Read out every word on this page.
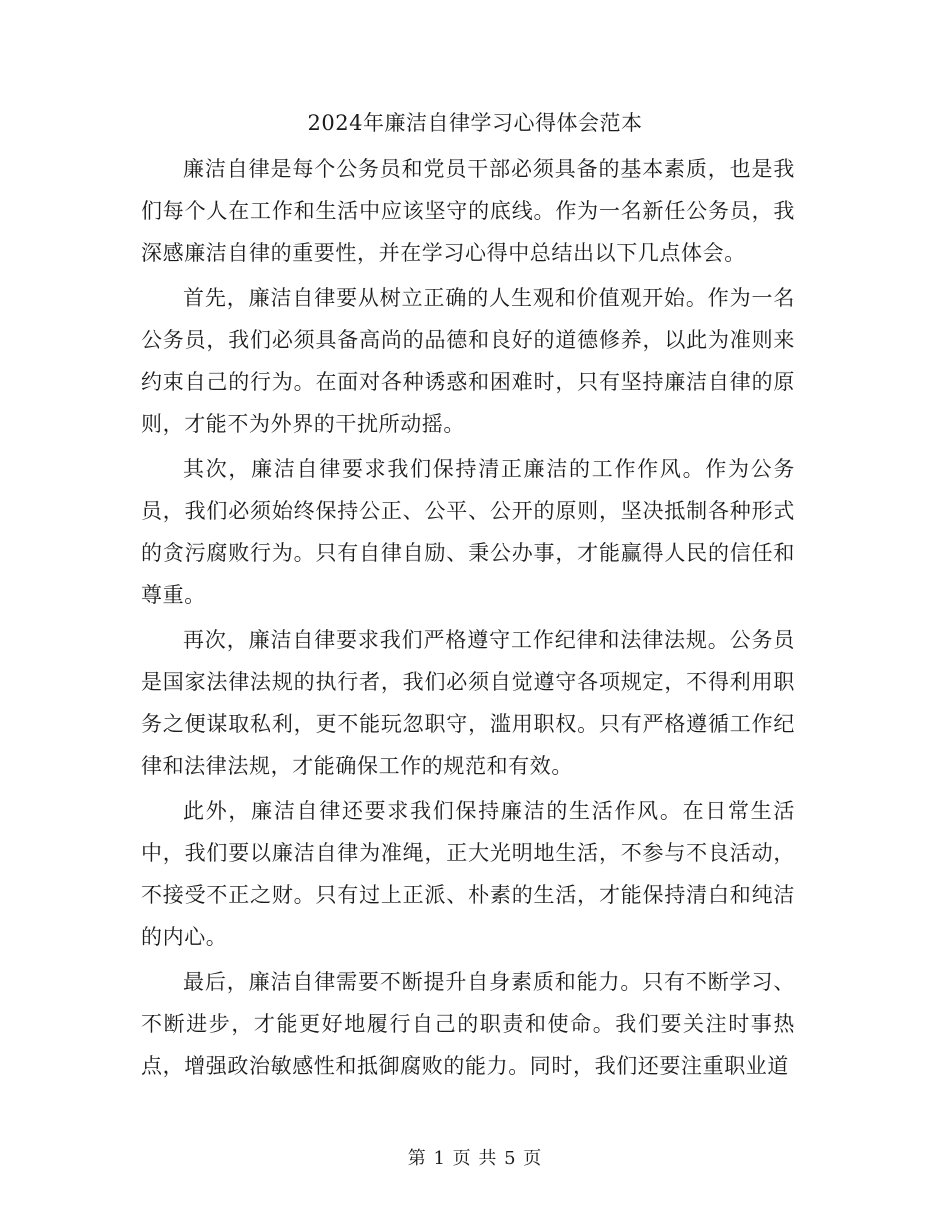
2024年廉洁自律学习心得体会范本

廉洁自律是每个公务员和党员干部必须具备的基本素质，也是我们每个人在工作和生活中应该坚守的底线。作为一名新任公务员，我深感廉洁自律的重要性，并在学习心得中总结出以下几点体会。

首先，廉洁自律要从树立正确的人生观和价值观开始。作为一名公务员，我们必须具备高尚的品德和良好的道德修养，以此为准则来约束自己的行为。在面对各种诱惑和困难时，只有坚持廉洁自律的原则，才能不为外界的干扰所动摇。

其次，廉洁自律要求我们保持清正廉洁的工作作风。作为公务员，我们必须始终保持公正、公平、公开的原则，坚决抵制各种形式的贪污腐败行为。只有自律自励、秉公办事，才能赢得人民的信任和尊重。

再次，廉洁自律要求我们严格遵守工作纪律和法律法规。公务员是国家法律法规的执行者，我们必须自觉遵守各项规定，不得利用职务之便谋取私利，更不能玩忽职守，滥用职权。只有严格遵循工作纪律和法律法规，才能确保工作的规范和有效。

此外，廉洁自律还要求我们保持廉洁的生活作风。在日常生活中，我们要以廉洁自律为准绳，正大光明地生活，不参与不良活动，不接受不正之财。只有过上正派、朴素的生活，才能保持清白和纯洁的内心。

最后，廉洁自律需要不断提升自身素质和能力。只有不断学习、不断进步，才能更好地履行自己的职责和使命。我们要关注时事热点，增强政治敏感性和抵御腐败的能力。同时，我们还要注重职业道

第 1 页 共 5 页
